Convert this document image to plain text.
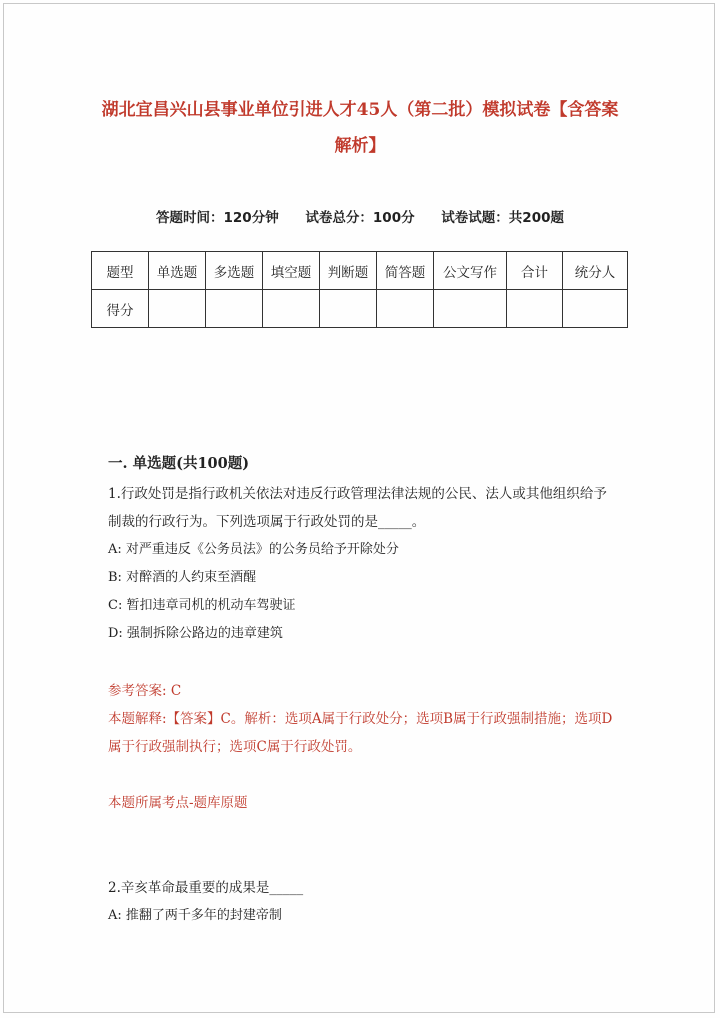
湖北宜昌兴山县事业单位引进人才45人（第二批）模拟试卷【含答案解析】
答题时间：120分钟 试卷总分：100分 试卷试题：共200题
题型	单选题	多选题	填空题	判断题	简答题	公文写作	合计	统分人
得分								
一. 单选题(共100题)
1.行政处罚是指行政机关依法对违反行政管理法律法规的公民、法人或其他组织给予制裁的行政行为。下列选项属于行政处罚的是_____。
A: 对严重违反《公务员法》的公务员给予开除处分
B: 对醉酒的人约束至酒醒
C: 暂扣违章司机的机动车驾驶证
D: 强制拆除公路边的违章建筑
参考答案: C
本题解释:【答案】C。解析：选项A属于行政处分；选项B属于行政强制措施；选项D属于行政强制执行；选项C属于行政处罚。
本题所属考点-题库原题
2.辛亥革命最重要的成果是_____
A: 推翻了两千多年的封建帝制
